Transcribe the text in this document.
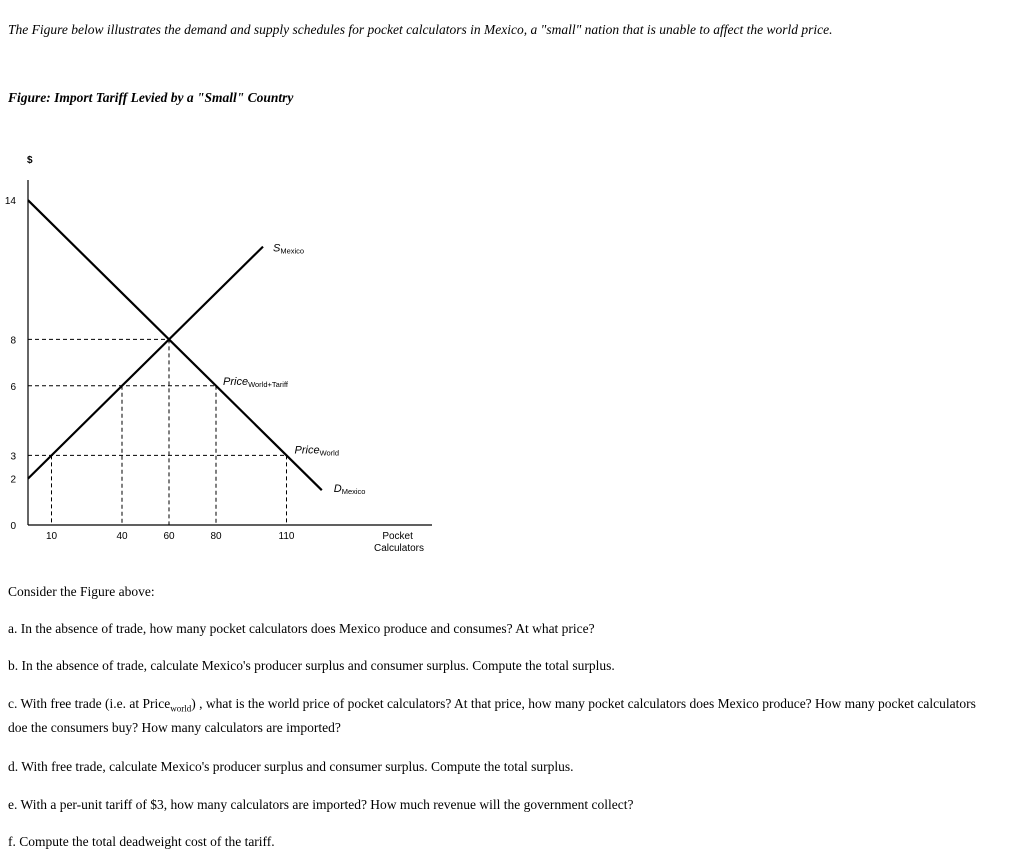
The Figure below illustrates the demand and supply schedules for pocket calculators in Mexico, a "small" nation that is unable to affect the world price.

Figure: Import Tariff Levied by a "Small" Country

10	40	60	80	110
0
2
3
6
8
14
SMexico
DMexico
PriceWorld+Tariff
PriceWorld
$
Pocket Calculators

Consider the Figure above:

a. In the absence of trade, how many pocket calculators does Mexico produce and consumes? At what price?

b. In the absence of trade, calculate Mexico's producer surplus and consumer surplus. Compute the total surplus.

c. With free trade (i.e. at Price$_{world}$) , what is the world price of pocket calculators? At that price, how many pocket calculators does Mexico produce? How many pocket calculators doe the consumers buy? How many calculators are imported?

d. With free trade, calculate Mexico's producer surplus and consumer surplus. Compute the total surplus.

e. With a per-unit tariff of $3, how many calculators are imported? How much revenue will the government collect?

f. Compute the total deadweight cost of the tariff.
